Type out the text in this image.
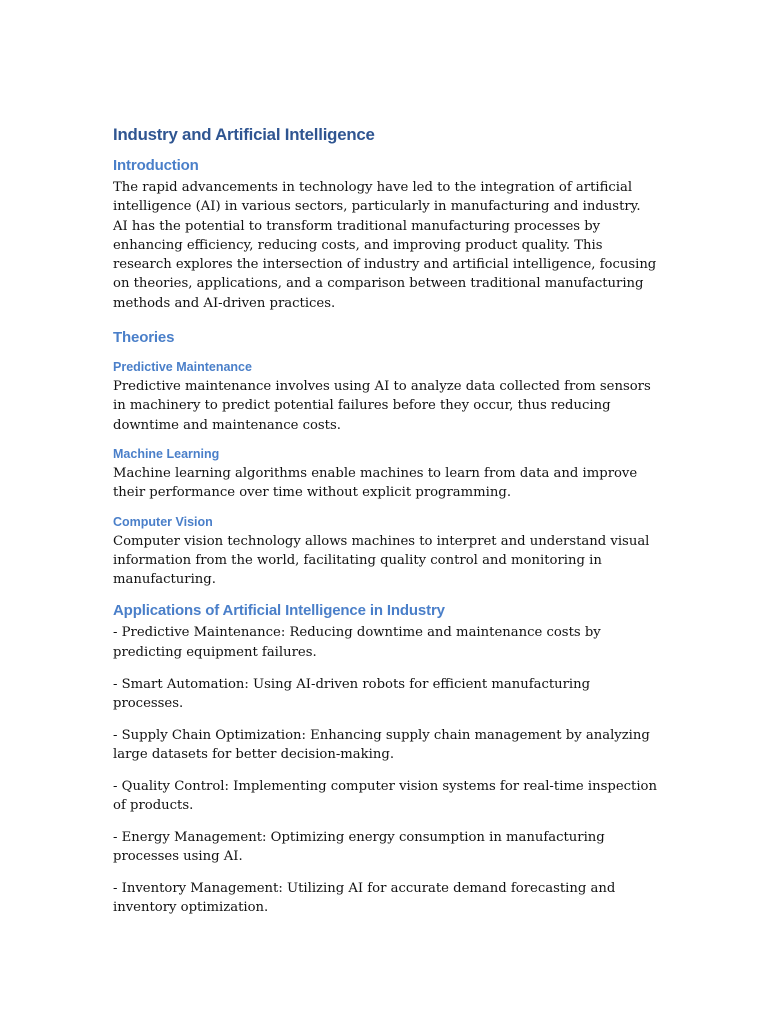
Industry and Artificial Intelligence
Introduction

The rapid advancements in technology have led to the integration of artificial intelligence (AI) in various sectors, particularly in manufacturing and industry. AI has the potential to transform traditional manufacturing processes by enhancing efficiency, reducing costs, and improving product quality. This research explores the intersection of industry and artificial intelligence, focusing on theories, applications, and a comparison between traditional manufacturing methods and AI-driven practices.

Theories
Predictive Maintenance

Predictive maintenance involves using AI to analyze data collected from sensors in machinery to predict potential failures before they occur, thus reducing downtime and maintenance costs.

Machine Learning

Machine learning algorithms enable machines to learn from data and improve their performance over time without explicit programming.

Computer Vision

Computer vision technology allows machines to interpret and understand visual information from the world, facilitating quality control and monitoring in manufacturing.

Applications of Artificial Intelligence in Industry

- Predictive Maintenance: Reducing downtime and maintenance costs by predicting equipment failures.

- Smart Automation: Using AI-driven robots for efficient manufacturing processes.

- Supply Chain Optimization: Enhancing supply chain management by analyzing large datasets for better decision-making.

- Quality Control: Implementing computer vision systems for real-time inspection of products.

- Energy Management: Optimizing energy consumption in manufacturing processes using AI.

- Inventory Management: Utilizing AI for accurate demand forecasting and inventory optimization.
